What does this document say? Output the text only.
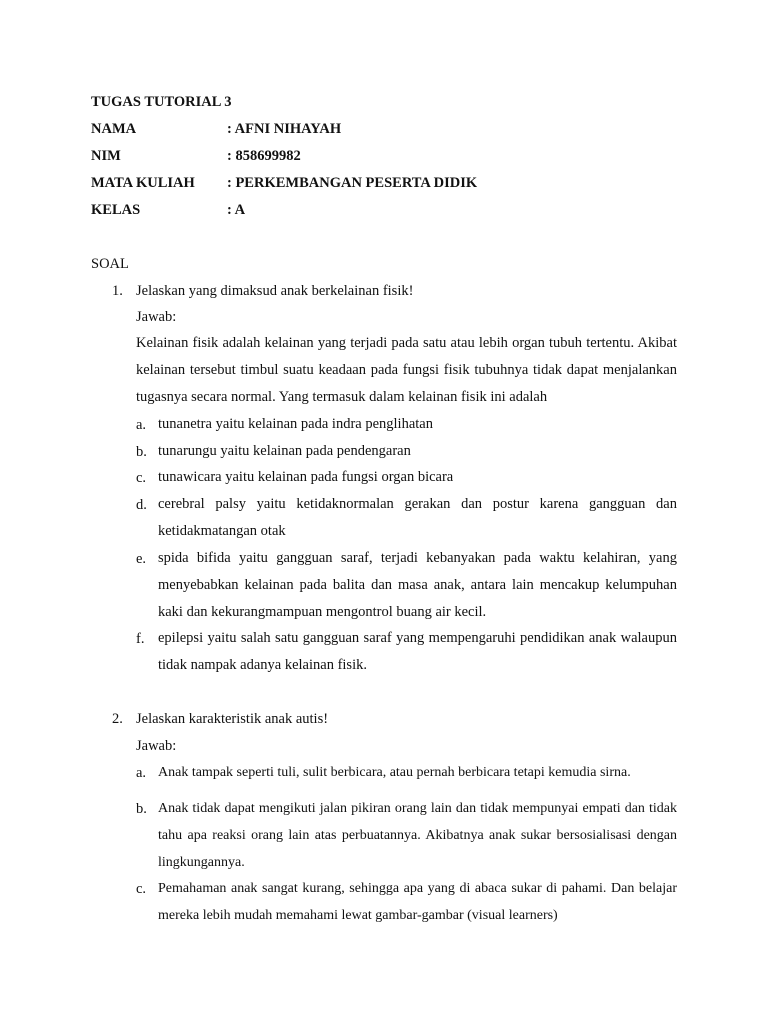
TUGAS TUTORIAL 3
NAMA	: AFNI NIHAYAH
NIM	: 858699982
MATA KULIAH : PERKEMBANGAN PESERTA DIDIK
KELAS	: A
SOAL
1. Jelaskan yang dimaksud anak berkelainan fisik!
Jawab:
Kelainan fisik adalah kelainan yang terjadi pada satu atau lebih organ tubuh tertentu. Akibat kelainan tersebut timbul suatu keadaan pada fungsi fisik tubuhnya tidak dapat menjalankan tugasnya secara normal. Yang termasuk dalam kelainan fisik ini adalah
a. tunanetra yaitu kelainan pada indra penglihatan
b. tunarungu yaitu kelainan pada pendengaran
c. tunawicara yaitu kelainan pada fungsi organ bicara
d. cerebral palsy yaitu ketidaknormalan gerakan dan postur karena gangguan dan ketidakmatangan otak
e. spida bifida yaitu gangguan saraf, terjadi kebanyakan pada waktu kelahiran, yang menyebabkan kelainan pada balita dan masa anak, antara lain mencakup kelumpuhan kaki dan kekurangmampuan mengontrol buang air kecil.
f. epilepsi yaitu salah satu gangguan saraf yang mempengaruhi pendidikan anak walaupun tidak nampak adanya kelainan fisik.
2. Jelaskan karakteristik anak autis!
Jawab:
a. Anak tampak seperti tuli, sulit berbicara, atau pernah berbicara tetapi kemudia sirna.
b. Anak tidak dapat mengikuti jalan pikiran orang lain dan tidak mempunyai empati dan tidak tahu apa reaksi orang lain atas perbuatannya. Akibatnya anak sukar bersosialisasi dengan lingkungannya.
c. Pemahaman anak sangat kurang, sehingga apa yang di abaca sukar di pahami. Dan belajar mereka lebih mudah memahami lewat gambar-gambar (visual learners)
